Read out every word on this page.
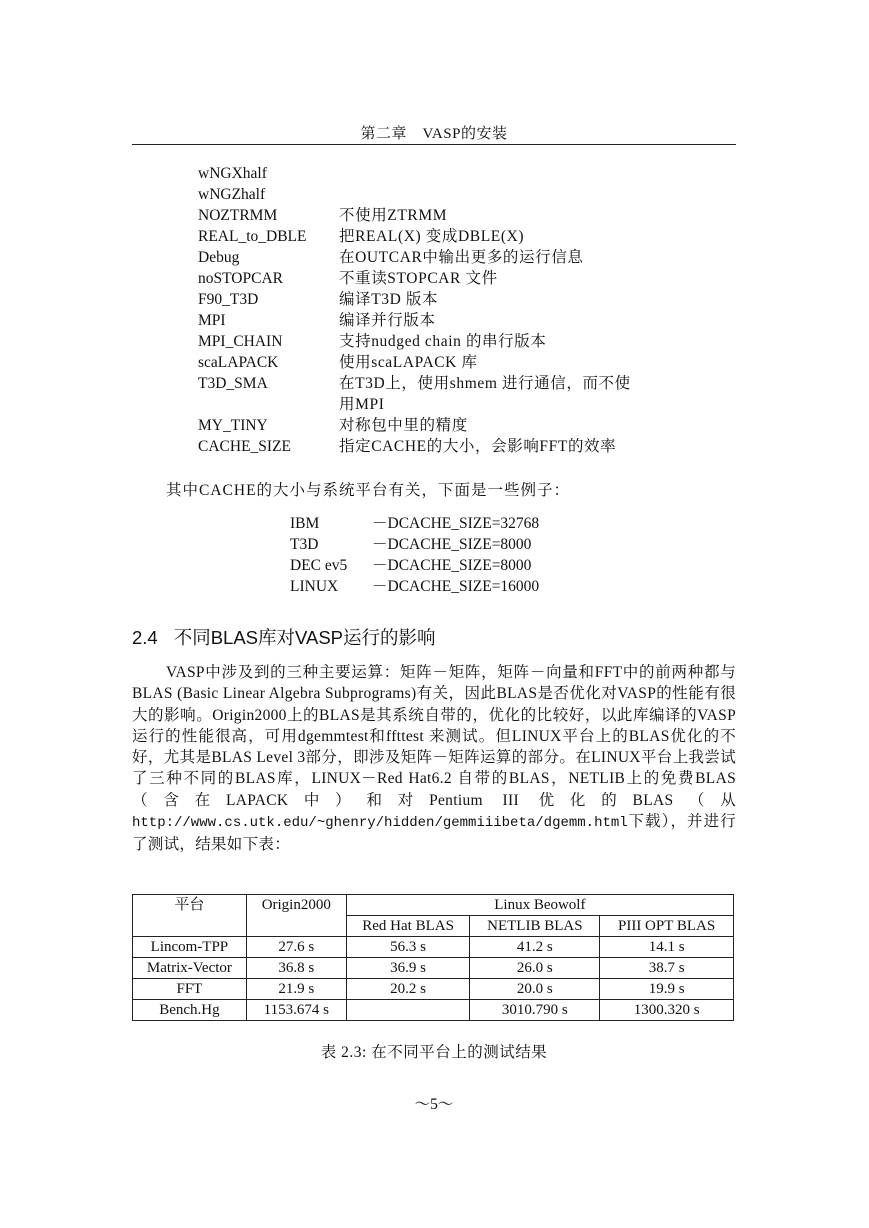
第二章　VASP的安装
wNGXhalf
wNGZhalf
NOZTRMM	不使用ZTRMM
REAL_to_DBLE	把REAL(X) 变成DBLE(X)
Debug	在OUTCAR中输出更多的运行信息
noSTOPCAR	不重读STOPCAR 文件
F90_T3D	编译T3D 版本
MPI	编译并行版本
MPI_CHAIN	支持nudged chain 的串行版本
scaLAPACK	使用scaLAPACK 库
T3D_SMA	在T3D上，使用shmem 进行通信，而不使
用MPI
MY_TINY	对称包中里的精度
CACHE_SIZE	指定CACHE的大小，会影响FFT的效率
其中CACHE的大小与系统平台有关，下面是一些例子：
IBM	－DCACHE_SIZE=32768
T3D	－DCACHE_SIZE=8000
DEC ev5	－DCACHE_SIZE=8000
LINUX	－DCACHE_SIZE=16000
2.4 不同BLAS库对VASP运行的影响

VASP中涉及到的三种主要运算：矩阵－矩阵，矩阵－向量和FFT中的前两种都与BLAS (Basic Linear Algebra Subprograms)有关，因此BLAS是否优化对VASP的性能有很大的影响。Origin2000上的BLAS是其系统自带的，优化的比较好，以此库编译的VASP运行的性能很高，可用dgemmtest和ffttest 来测试。但LINUX平台上的BLAS优化的不好，尤其是BLAS Level 3部分，即涉及矩阵－矩阵运算的部分。在LINUX平台上我尝试了三种不同的BLAS库，LINUX－Red Hat6.2 自带的BLAS，NETLIB上的免费BLAS（含在LAPACK中）和对Pentium III 优化的BLAS（从http://www.cs.utk.edu/~ghenry/hidden/gemmiiibeta/dgemm.html下载），并进行了测试，结果如下表：

平台	Origin2000	Linux Beowolf		
		Red Hat BLAS	NETLIB BLAS	PIII OPT BLAS
Lincom-TPP	27.6 s	56.3 s	41.2 s	14.1 s
Matrix-Vector	36.8 s	36.9 s	26.0 s	38.7 s
FFT	21.9 s	20.2 s	20.0 s	19.9 s
Bench.Hg	1153.674 s		3010.790 s	1300.320 s
表 2.3: 在不同平台上的测试结果
～5～
